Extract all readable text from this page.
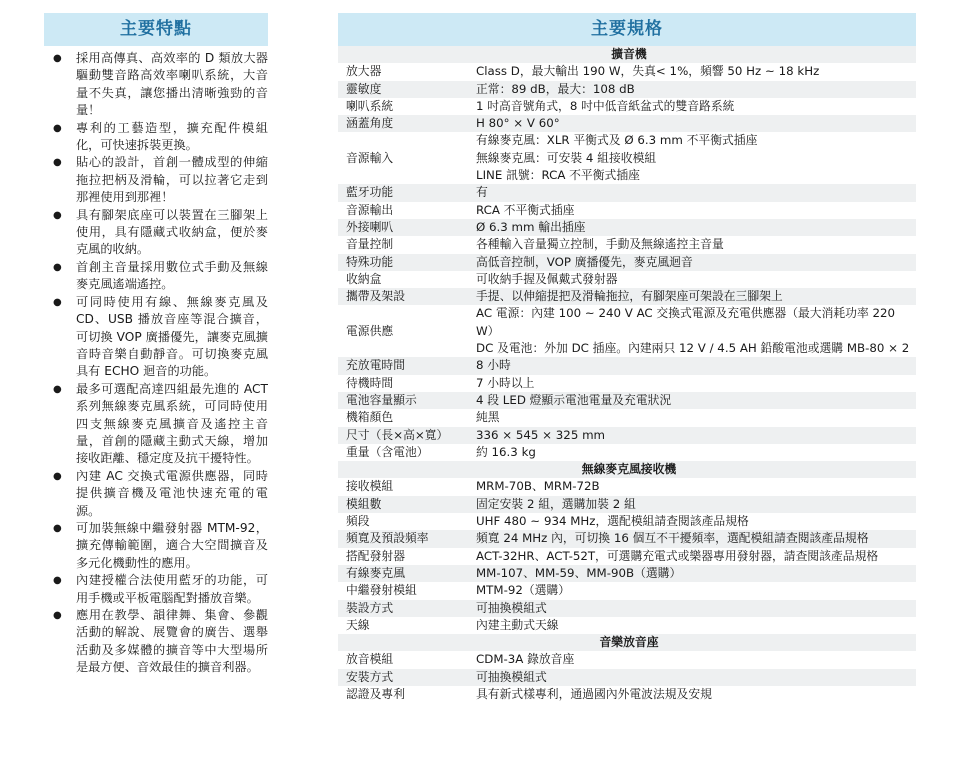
主要特點
● 採用高傳真、高效率的 D 類放大器驅動雙音路高效率喇叭系統，大音量不失真，讓您播出清晰強勁的音量！
● 專利的工藝造型，擴充配件模組化，可快速拆裝更換。
● 貼心的設計，首創一體成型的伸縮拖拉把柄及滑輪，可以拉著它走到那裡使用到那裡！
● 具有腳架底座可以裝置在三腳架上使用，具有隱藏式收納盒，便於麥克風的收納。
● 首創主音量採用數位式手動及無線麥克風遙端遙控。
● 可同時使用有線、無線麥克風及 CD、USB 播放音座等混合擴音，可切換 VOP 廣播優先，讓麥克風擴音時音樂自動靜音。可切換麥克風具有 ECHO 迴音的功能。
● 最多可選配高達四組最先進的 ACT 系列無線麥克風系統，可同時使用四支無線麥克風擴音及遙控主音量，首創的隱藏主動式天線，增加接收距離、穩定度及抗干擾特性。
● 內建 AC 交換式電源供應器，同時提供擴音機及電池快速充電的電源。
● 可加裝無線中繼發射器 MTM-92，擴充傳輸範圍，適合大空間擴音及多元化機動性的應用。
● 內建授權合法使用藍牙的功能，可用手機或平板電腦配對播放音樂。
● 應用在教學、韻律舞、集會、參觀活動的解說、展覽會的廣告、選舉活動及多媒體的擴音等中大型場所是最方便、音效最佳的擴音利器。
主要規格
擴音機	
放大器	Class D，最大輸出 190 W，失真< 1%，頻響 50 Hz ~ 18 kHz

靈敏度	正常：89 dB，最大：108 dB

喇叭系統	1 吋高音號角式，8 吋中低音紙盆式的雙音路系統

涵蓋角度	H 80° × V 60°

音源輸入	有線麥克風：XLR 平衡式及 Ø 6.3 mm 不平衡式插座
無線麥克風：可安裝 4 組接收模組
LINE 訊號：RCA 不平衡式插座

藍牙功能	有

音源輸出	RCA 不平衡式插座

外接喇叭	Ø 6.3 mm 輸出插座

音量控制	各種輸入音量獨立控制，手動及無線遙控主音量

特殊功能	高低音控制，VOP 廣播優先，麥克風迴音

收納盒	可收納手握及佩戴式發射器

攜帶及架設	手提、以伸縮提把及滑輪拖拉，有腳架座可架設在三腳架上

電源供應	AC 電源：內建 100 ~ 240 V AC 交換式電源及充電供應器（最大消耗功率 220 W）
DC 及電池：外加 DC 插座。內建兩只 12 V / 4.5 AH 鉛酸電池或選購 MB-80 × 2

充放電時間	8 小時

待機時間	7 小時以上

電池容量顯示	4 段 LED 燈顯示電池電量及充電狀況

機箱顏色	純黑

尺寸（長×高×寬）	336 × 545 × 325 mm

重量（含電池）	約 16.3 kg

無線麥克風接收機	
接收模組	MRM-70B、MRM-72B

模組數	固定安裝 2 組，選購加裝 2 組

頻段	UHF 480 ~ 934 MHz，選配模組請查閱該產品規格

頻寬及預設頻率	頻寬 24 MHz 內，可切換 16 個互不干擾頻率，選配模組請查閱該產品規格

搭配發射器	ACT-32HR、ACT-52T，可選購充電式或樂器專用發射器，請查閱該產品規格

有線麥克風	MM-107、MM-59、MM-90B（選購）

中繼發射模組	MTM-92（選購）

裝設方式	可抽換模組式

天線	內建主動式天線

音樂放音座	
放音模組	CDM-3A 錄放音座

安裝方式	可抽換模組式

認證及專利	具有新式樣專利，通過國內外電波法規及安規
